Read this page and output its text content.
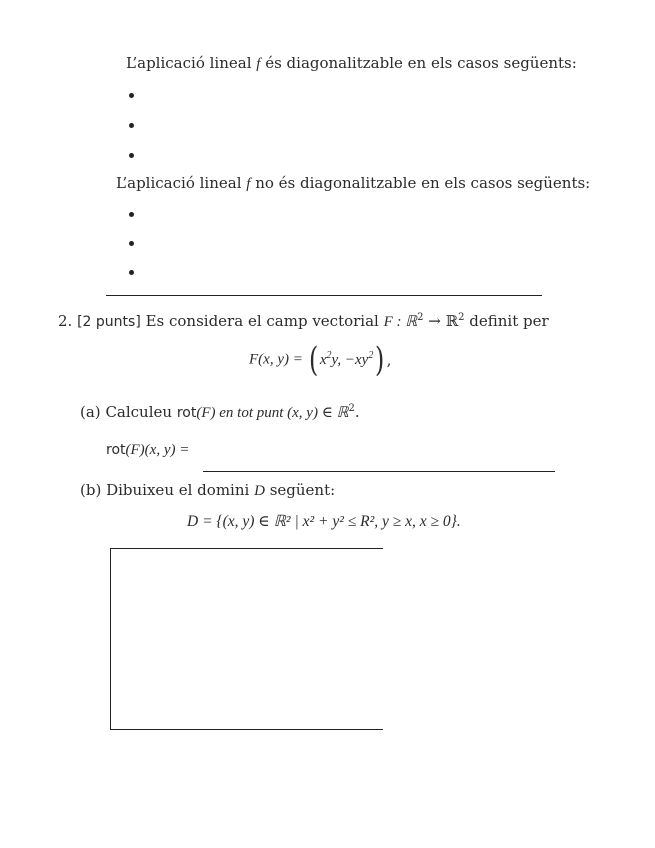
L’aplicació lineal f és diagonalitzable en els casos següents:
L’aplicació lineal f no és diagonalitzable en els casos següents:
2. [2 punts] Es considera el camp vectorial F : ℝ$^2$ → ℝ$^2$ definit per
F(x, y) = ( $x^2y$, $-xy^2$) ,
(a) Calculeu rot(F) en tot punt (x, y) ∈ ℝ$^2$.
rot(F)(x, y) =
(b) Dibuixeu el domini D següent:
D = {(x, y) ∈ ℝ² | x² + y² ≤ R², y ≥ x, x ≥ 0}.
